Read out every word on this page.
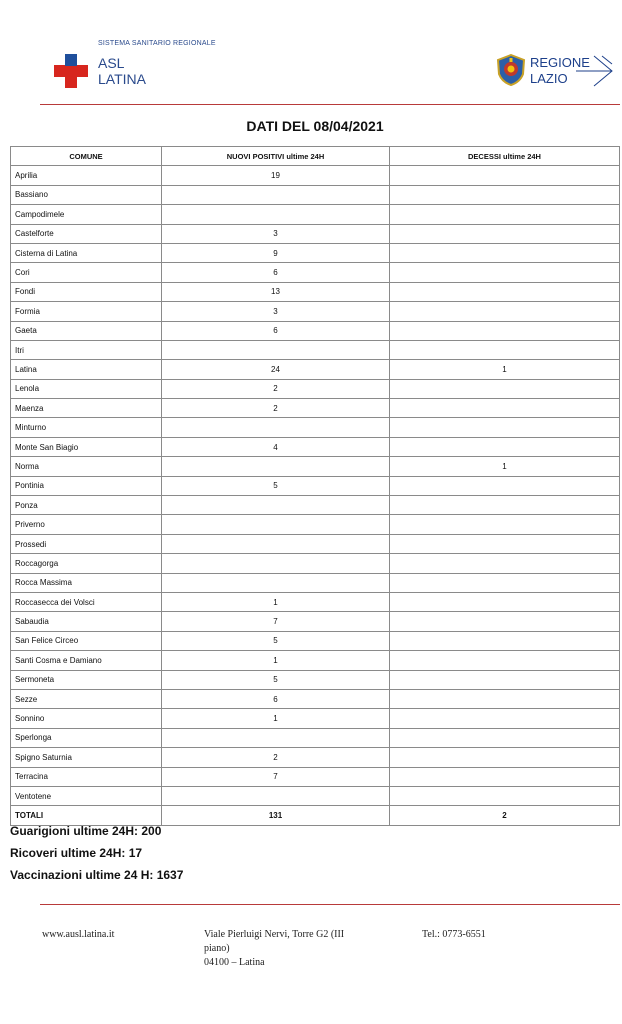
SISTEMA SANITARIO REGIONALE
ASL
LATINA
REGIONE
LAZIO
DATI DEL 08/04/2021
COMUNE	NUOVI POSITIVI ultime 24H	DECESSI ultime 24H
Aprilia	19	
Bassiano		
Campodimele		
Castelforte	3	
Cisterna di Latina	9	
Cori	6	
Fondi	13	
Formia	3	
Gaeta	6	
Itri		
Latina	24	1
Lenola	2	
Maenza	2	
Minturno		
Monte San Biagio	4	
Norma		1
Pontinia	5	
Ponza		
Priverno		
Prossedi		
Roccagorga		
Rocca Massima		
Roccasecca dei Volsci	1	
Sabaudia	7	
San Felice Circeo	5	
Santi Cosma e Damiano	1	
Sermoneta	5	
Sezze	6	
Sonnino	1	
Sperlonga		
Spigno Saturnia	2	
Terracina	7	
Ventotene		
TOTALI	131	2
Guarigioni ultime 24H: 200
Ricoveri ultime 24H: 17
Vaccinazioni ultime 24 H: 1637
www.ausl.latina.it	Viale Pierluigi Nervi, Torre G2 (III
piano)
04100 – Latina
Tel.: 0773-6551
